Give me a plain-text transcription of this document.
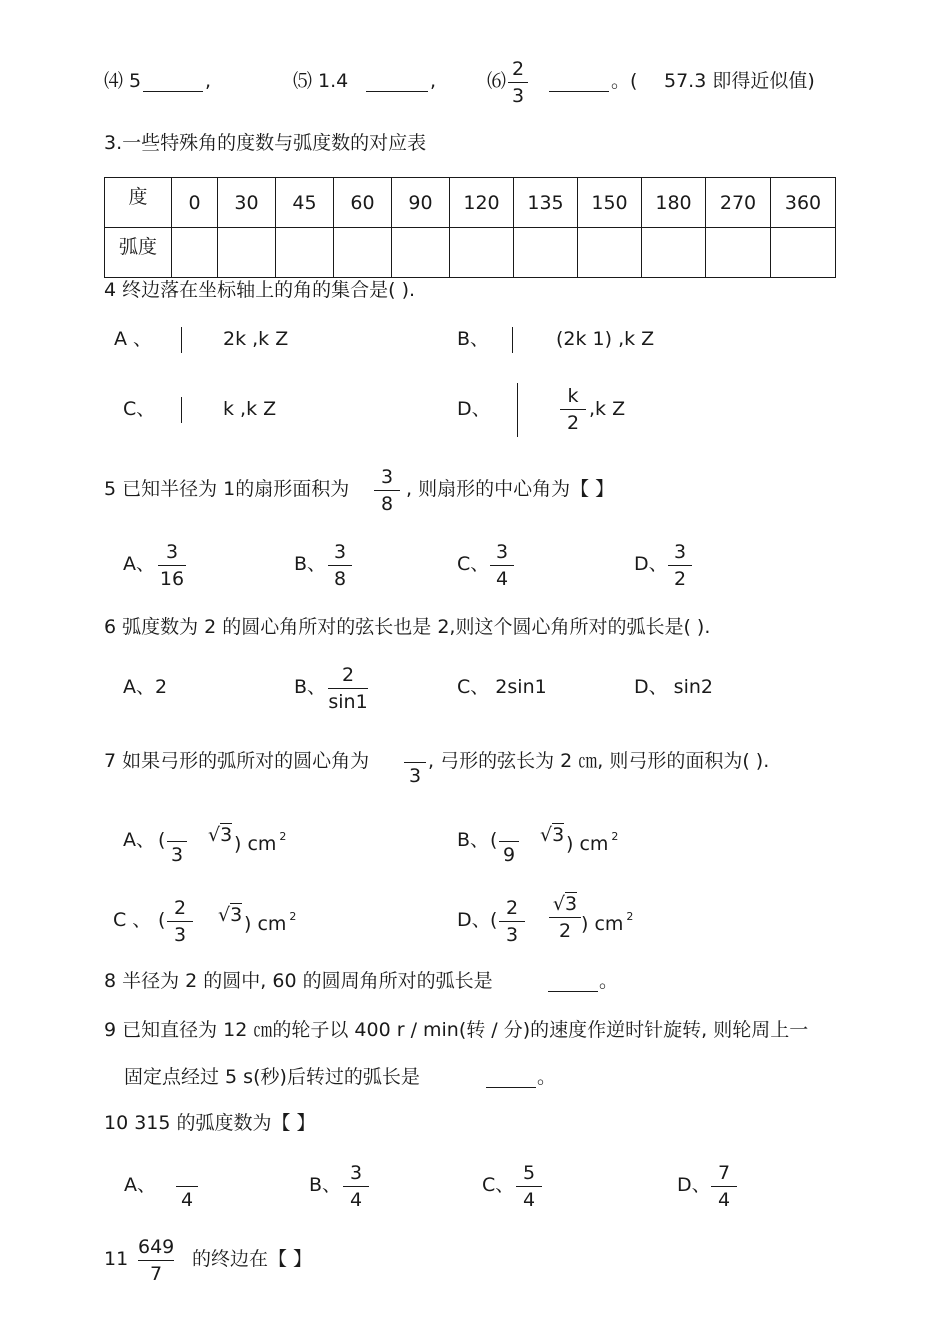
⑷ 5	,	⑸ 1.4	,	⑹
2
3
。( 57.3 即得近似值)
3.一些特殊角的度数与弧度数的对应表
度	0	30	45	60	90	120	135	150	180	270	360
弧度											
4 终边落在坐标轴上的角的集合是( ).
A 、	2k ,k Z	B、	(2k 1) ,k Z
C、	k ,k Z	D、
k
2
,k Z
5 已知半径为 1的扇形面积为
3
8
, 则扇形的中心角为【 】
A、
3
16
B、
3
8
C、
3
4
D、
3
2
6 弧度数为 2 的圆心角所对的弦长也是 2,则这个圆心角所对的弧长是( ).
A、2	B、
2
sin1
C、 2sin1	D、 sin2
7 如果弓形的弧所对的圆心角为

3
, 弓形的弦长为 2 ㎝, 则弓形的面积为( ).
A、 (

3
√3 ) cm $^2$	B、 (

9
√3 ) cm $^2$
C 、 (
2
3
√3 ) cm $^2$	D、 (
2
3
√3
2 ) cm $^2$
8 半径为 2 的圆中, 60 的圆周角所对的弧长是	。
9 已知直径为 12 ㎝的轮子以 400 r / min(转 / 分)的速度作逆时针旋转, 则轮周上一
固定点经过 5 s(秒)后转过的弧长是	。
10 315 的弧度数为【 】
A、

4
B、
3
4
C、
5
4
D、
7
4
11
649
7
的终边在【 】
